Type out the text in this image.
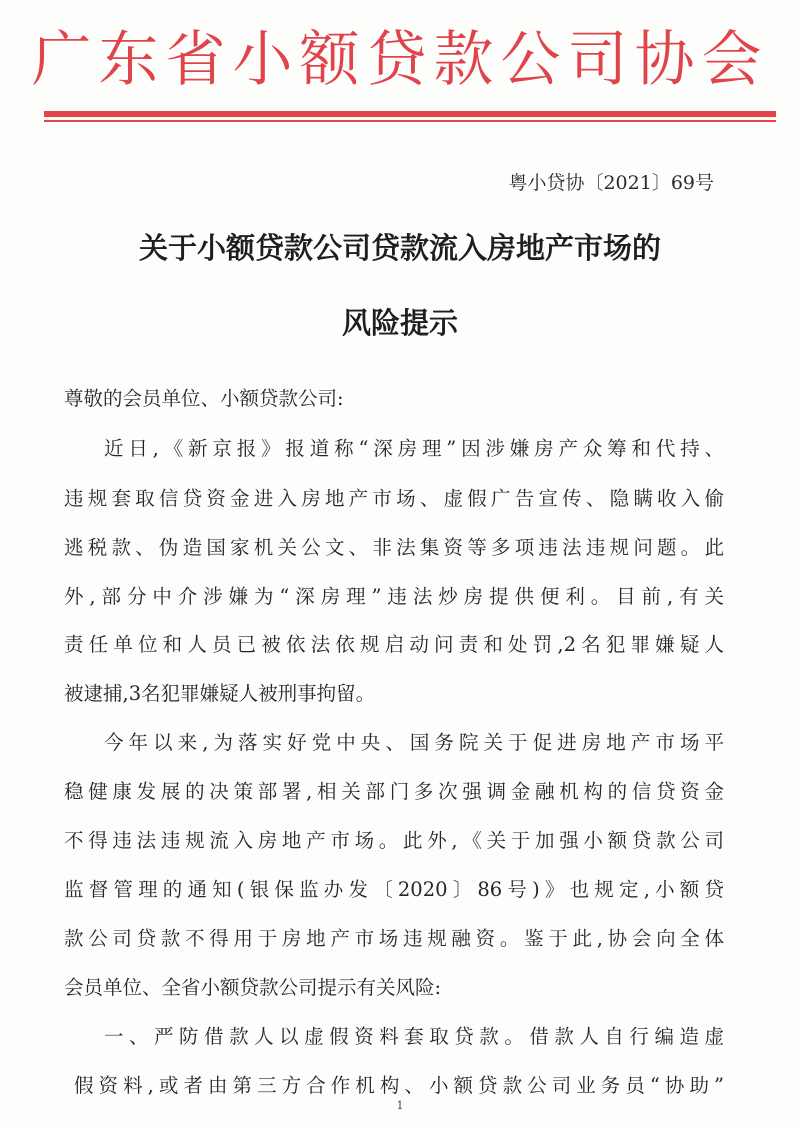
广东省小额贷款公司协会
粤小贷协〔2021〕69号
关于小额贷款公司贷款流入房地产市场的
风险提示
尊敬的会员单位、小额贷款公司:
近日,《新京报》报道称“深房理”因涉嫌房产众筹和代持、
违规套取信贷资金进入房地产市场、虚假广告宣传、隐瞒收入偷
逃税款、伪造国家机关公文、非法集资等多项违法违规问题。此
外,部分中介涉嫌为“深房理”违法炒房提供便利。目前,有关
责任单位和人员已被依法依规启动问责和处罚,2名犯罪嫌疑人
被逮捕,3名犯罪嫌疑人被刑事拘留。
今年以来,为落实好党中央、国务院关于促进房地产市场平
稳健康发展的决策部署,相关部门多次强调金融机构的信贷资金
不得违法违规流入房地产市场。此外,《关于加强小额贷款公司
监督管理的通知(银保监办发〔2020〕86号)》也规定,小额贷
款公司贷款不得用于房地产市场违规融资。鉴于此,协会向全体
会员单位、全省小额贷款公司提示有关风险:
一、严防借款人以虚假资料套取贷款。借款人自行编造虚
假资料,或者由第三方合作机构、小额贷款公司业务员“协助”
1
